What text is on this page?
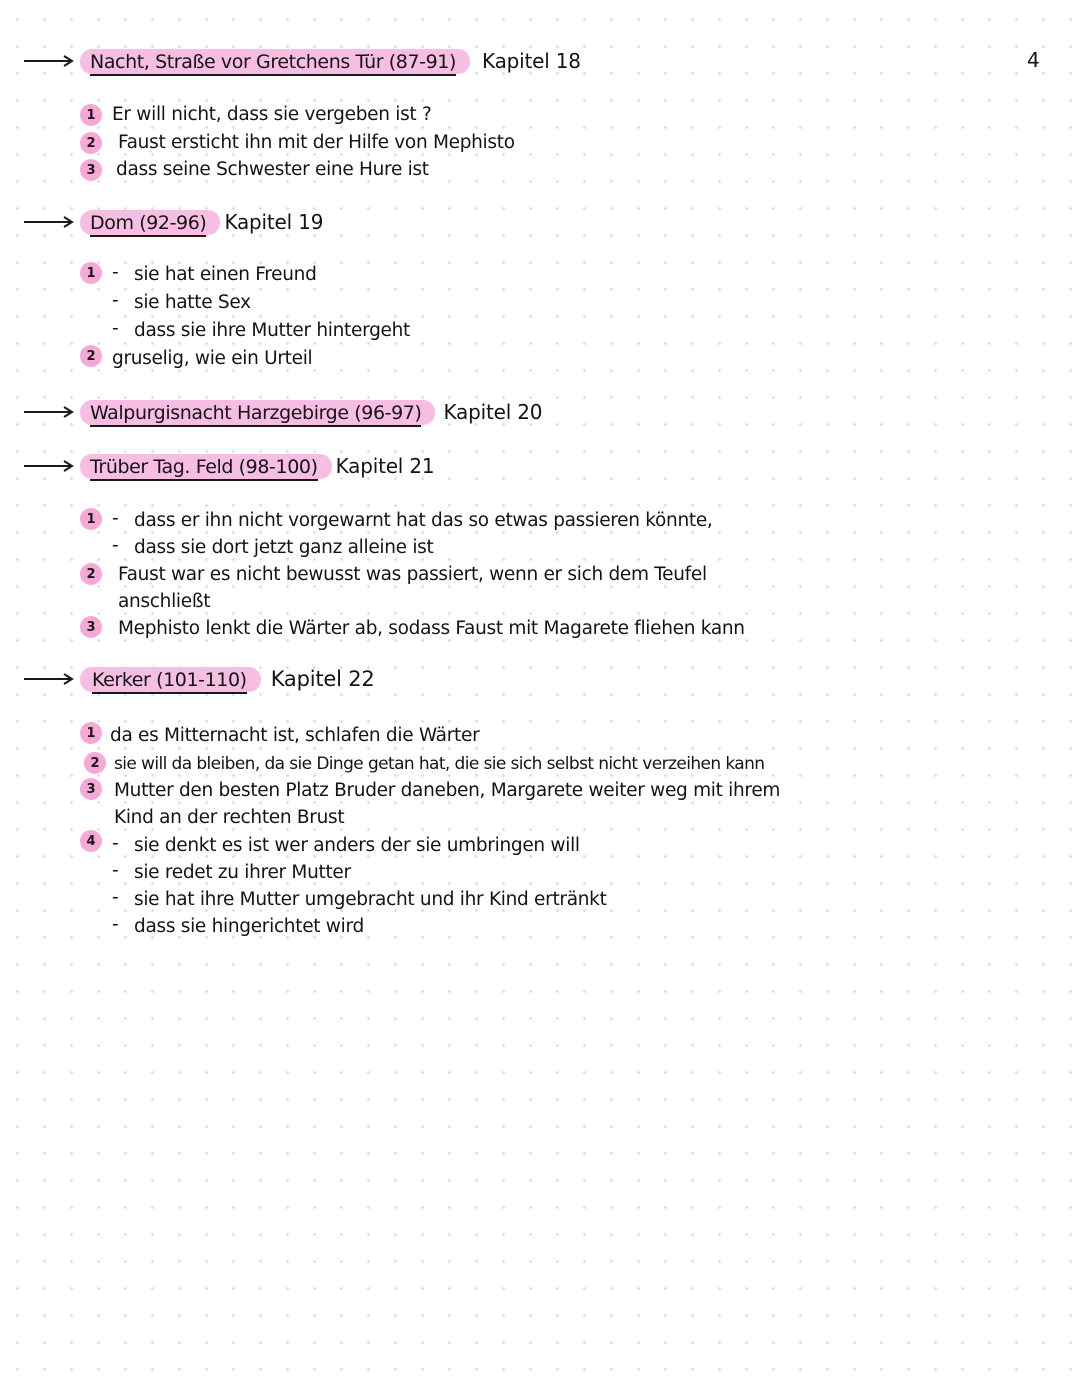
4
Nacht, Straße vor Gretchens Tür (87-91)	Kapitel 18
1 Er will nicht, dass sie vergeben ist ?
2	Faust ersticht ihn mit der Hilfe von Mephisto
3	dass seine Schwester eine Hure ist
Dom (92-96) Kapitel 19
1 - sie hat einen Freund
- sie hatte Sex
- dass sie ihre Mutter hintergeht
2 gruselig, wie ein Urteil
Walpurgisnacht Harzgebirge (96-97)	Kapitel 20
Trüber Tag. Feld (98-100) Kapitel 21
1 - dass er ihn nicht vorgewarnt hat das so etwas passieren könnte,
- dass sie dort jetzt ganz alleine ist
2	Faust war es nicht bewusst was passiert, wenn er sich dem Teufel
anschließt
3	Mephisto lenkt die Wärter ab, sodass Faust mit Magarete fliehen kann
Kerker (101-110)	Kapitel 22
1 da es Mitternacht ist, schlafen die Wärter
2 sie will da bleiben, da sie Dinge getan hat, die sie sich selbst nicht verzeihen kann
3 Mutter den besten Platz Bruder daneben, Margarete weiter weg mit ihrem
Kind an der rechten Brust
4 - sie denkt es ist wer anders der sie umbringen will
- sie redet zu ihrer Mutter
- sie hat ihre Mutter umgebracht und ihr Kind ertränkt
- dass sie hingerichtet wird
